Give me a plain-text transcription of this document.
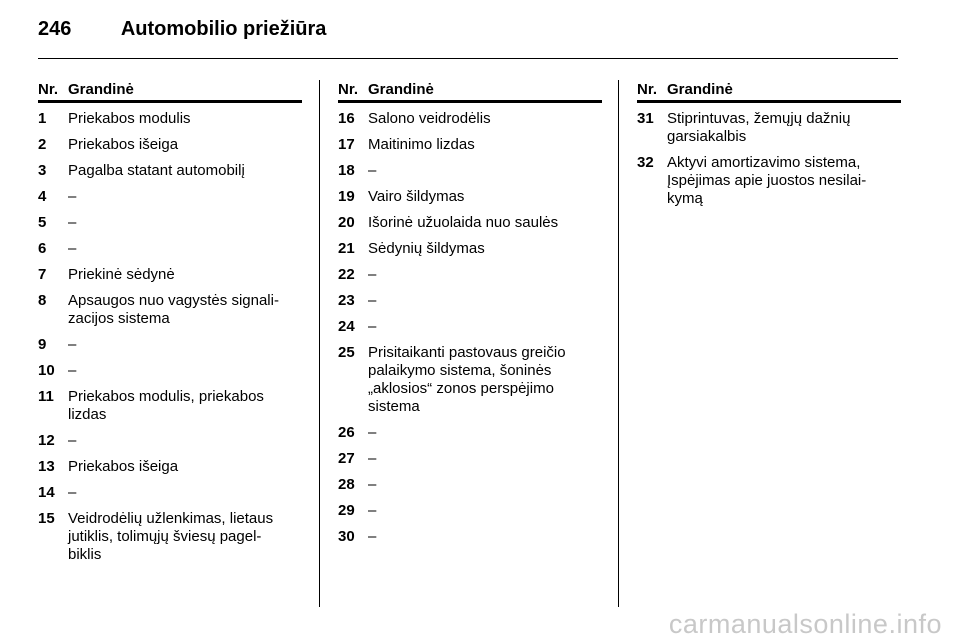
246 Automobilio priežiūra
Nr. Grandinė
1	Priekabos modulis
2	Priekabos išeiga
3	Pagalba statant automobilį
4	–
5	–
6	–
7	Priekinė sėdynė
8	Apsaugos nuo vagystės signali-
zacijos sistema
9	–
10 –
11 Priekabos modulis, priekabos
lizdas
12 –
13 Priekabos išeiga
14 –
15 Veidrodėlių užlenkimas, lietaus
jutiklis, tolimųjų šviesų pagel-
biklis
Nr. Grandinė
16 Salono veidrodėlis
17 Maitinimo lizdas
18 –
19 Vairo šildymas
20 Išorinė užuolaida nuo saulės
21 Sėdynių šildymas
22 –
23 –
24 –
25 Prisitaikanti pastovaus greičio
palaikymo sistema, šoninės
„aklosios“ zonos perspėjimo
sistema
26 –
27 –
28 –
29 –
30 –
Nr. Grandinė
31 Stiprintuvas, žemųjų dažnių
garsiakalbis
32 Aktyvi amortizavimo sistema,
Įspėjimas apie juostos nesilai-
kymą
carmanualsonline.info
